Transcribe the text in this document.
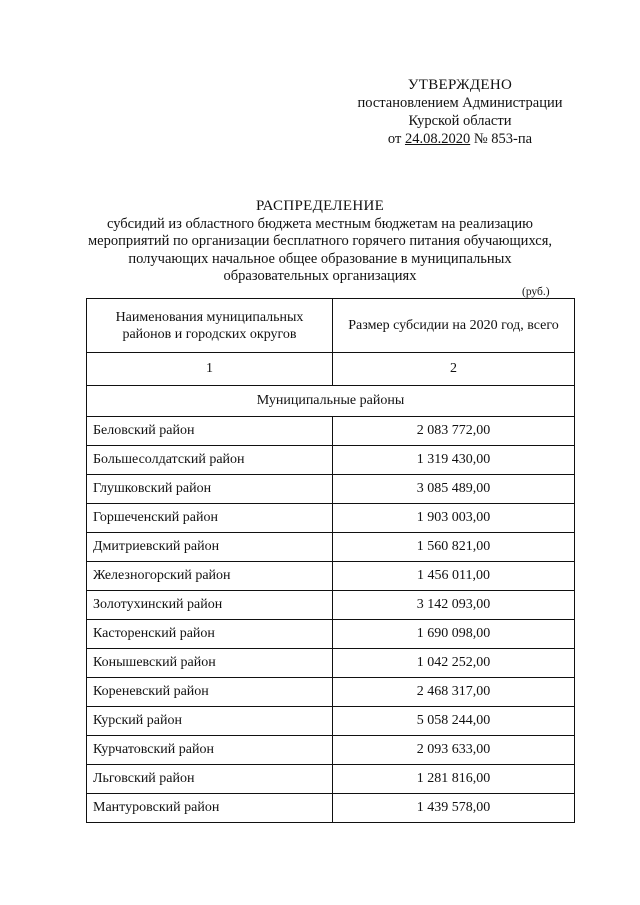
УТВЕРЖДЕНО
постановлением Администрации
Курской области
от 24.08.2020 № 853-па
РАСПРЕДЕЛЕНИЕ
субсидий из областного бюджета местным бюджетам на реализацию
мероприятий по организации бесплатного горячего питания обучающихся,
получающих начальное общее образование в муниципальных
образовательных организациях
(руб.)
Наименования муниципальных районов и городских округов	Размер субсидии на 2020 год, всего
1	2
Муниципальные районы	
Беловский район	2 083 772,00
Большесолдатский район	1 319 430,00
Глушковский район	3 085 489,00
Горшеченский район	1 903 003,00
Дмитриевский район	1 560 821,00
Железногорский район	1 456 011,00
Золотухинский район	3 142 093,00
Касторенский район	1 690 098,00
Конышевский район	1 042 252,00
Кореневский район	2 468 317,00
Курский район	5 058 244,00
Курчатовский район	2 093 633,00
Льговский район	1 281 816,00
Мантуровский район	1 439 578,00
